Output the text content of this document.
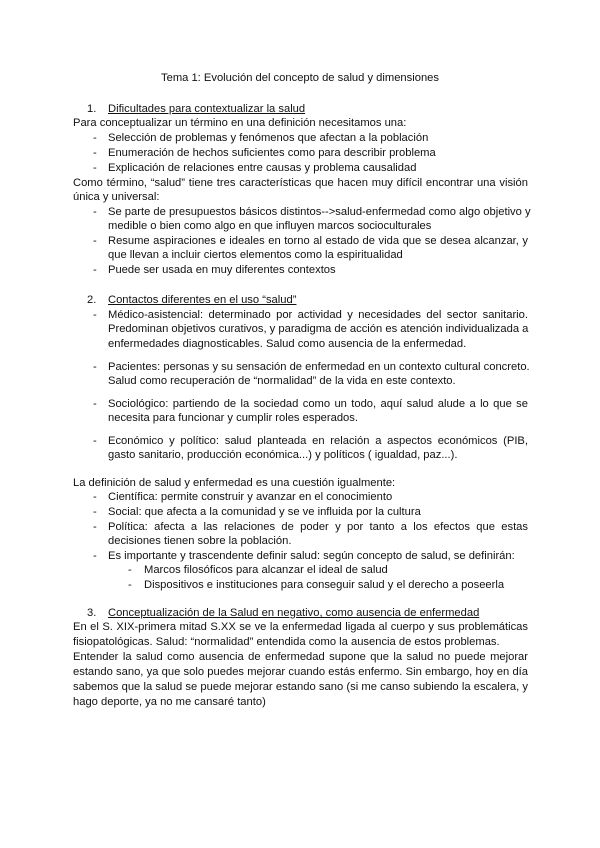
Tema 1: Evolución del concepto de salud y dimensiones
1. Dificultades para contextualizar la salud
Para conceptualizar un término en una definición necesitamos una:
- Selección de problemas y fenómenos que afectan a la población
- Enumeración de hechos suficientes como para describir problema
- Explicación de relaciones entre causas y problema causalidad
Como término, “salud” tiene tres características que hacen muy difícil encontrar una visión
única y universal:
- Se parte de presupuestos básicos distintos-->salud-enfermedad como algo objetivo y
medible o bien como algo en que influyen marcos socioculturales
- Resume aspiraciones e ideales en torno al estado de vida que se desea alcanzar, y
que llevan a incluir ciertos elementos como la espiritualidad
- Puede ser usada en muy diferentes contextos
2. Contactos diferentes en el uso “salud”
- Médico-asistencial: determinado por actividad y necesidades del sector sanitario.
Predominan objetivos curativos, y paradigma de acción es atención individualizada a
enfermedades diagnosticables. Salud como ausencia de la enfermedad.
- Pacientes: personas y su sensación de enfermedad en un contexto cultural concreto.
Salud como recuperación de “normalidad” de la vida en este contexto.
- Sociológico: partiendo de la sociedad como un todo, aquí salud alude a lo que se
necesita para funcionar y cumplir roles esperados.
- Económico y político: salud planteada en relación a aspectos económicos (PIB,
gasto sanitario, producción económica...) y políticos ( igualdad, paz...).
La definición de salud y enfermedad es una cuestión igualmente:
- Científica: permite construir y avanzar en el conocimiento
- Social: que afecta a la comunidad y se ve influida por la cultura
- Política: afecta a las relaciones de poder y por tanto a los efectos que estas
decisiones tienen sobre la población.
- Es importante y trascendente definir salud: según concepto de salud, se definirán:
- Marcos filosóficos para alcanzar el ideal de salud
- Dispositivos e instituciones para conseguir salud y el derecho a poseerla
3. Conceptualización de la Salud en negativo, como ausencia de enfermedad
En el S. XIX-primera mitad S.XX se ve la enfermedad ligada al cuerpo y sus problemáticas
fisiopatológicas. Salud: “normalidad” entendida como la ausencia de estos problemas.
Entender la salud como ausencia de enfermedad supone que la salud no puede mejorar
estando sano, ya que solo puedes mejorar cuando estás enfermo. Sin embargo, hoy en día
sabemos que la salud se puede mejorar estando sano (si me canso subiendo la escalera, y
hago deporte, ya no me cansaré tanto)
